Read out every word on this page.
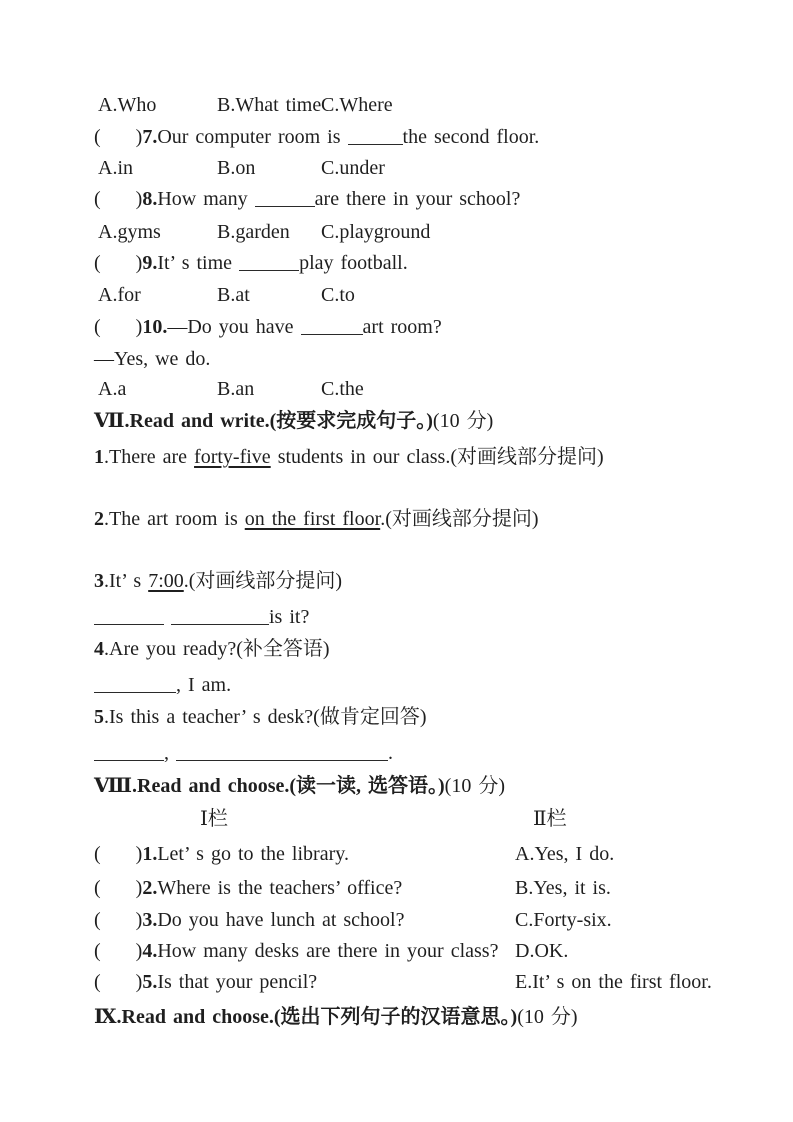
A.Who	B.What timeC.Where
(     )7.Our computer room is	the second floor.
A.in	B.on	C.under
(     )8.How many	are there in your school?
A.gyms	B.garden C.playground
(     )9.It’ s time	play football.
A.for	B.at	C.to
(     )10.—Do you have	art room?
—Yes, we do.
A.a	B.an	C.the
Ⅶ.Read and write.(按要求完成句子。)(10 分)
1.There are forty-five students in our class.(对画线部分提问)
2.The art room is on the first floor.(对画线部分提问)
3.It’ s 7:00.(对画线部分提问)
is it?
4.Are you ready?(补全答语)
, I am.
5.Is this a teacher’ s desk?(做肯定回答)
,	.
Ⅷ.Read and choose.(读一读, 选答语。)(10 分)
Ⅰ栏	Ⅱ栏
(     )1.Let’ s go to the library.	A.Yes, I do.
(     )2.Where is the teachers’ office?	B.Yes, it is.
(     )3.Do you have lunch at school?	C.Forty-six.
(     )4.How many desks are there in your class? D.OK.
(     )5.Is that your pencil?	E.It’ s on the first floor.
Ⅸ.Read and choose.(选出下列句子的汉语意思。)(10 分)
